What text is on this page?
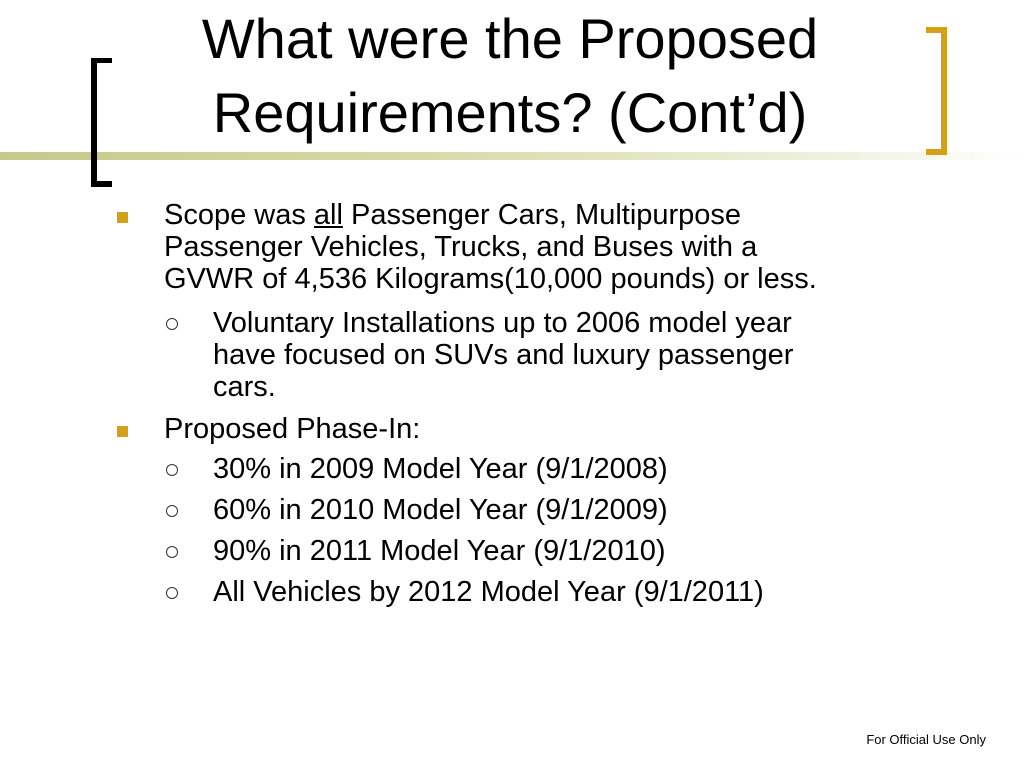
What were the Proposed
Requirements? (Cont’d)
Scope was all Passenger Cars, Multipurpose
Passenger Vehicles, Trucks, and Buses with a
GVWR of 4,536 Kilograms(10,000 pounds) or less.
Voluntary Installations up to 2006 model year
have focused on SUVs and luxury passenger
cars.
Proposed Phase-In:
30% in 2009 Model Year (9/1/2008)
60% in 2010 Model Year (9/1/2009)
90% in 2011 Model Year (9/1/2010)
All Vehicles by 2012 Model Year (9/1/2011)
For Official Use Only
